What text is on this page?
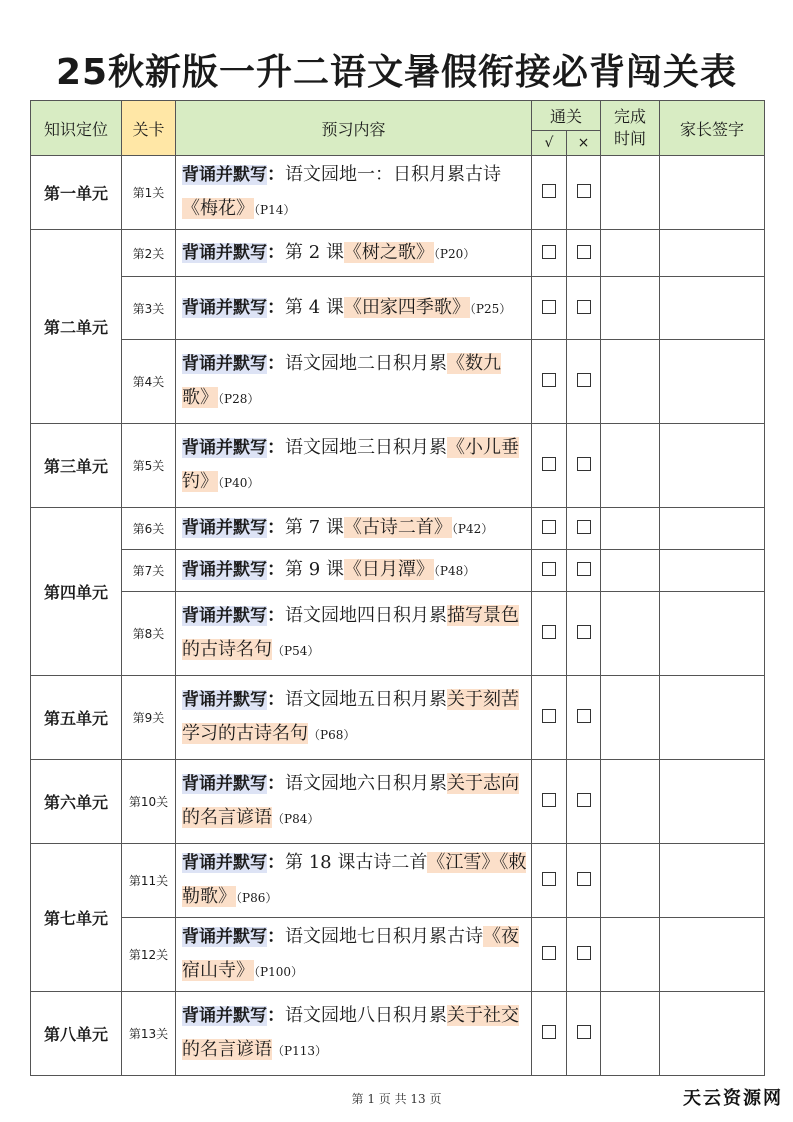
25秋新版一升二语文暑假衔接必背闯关表
知识定位	关卡	预习内容	通关		完成时间	家长签字
			√	×		
第一单元	第1关	背诵并默写：语文园地一：日积月累古诗《梅花》（P14）				
第二单元	第2关	背诵并默写：第 2 课《树之歌》（P20）				
	第3关	背诵并默写：第 4 课《田家四季歌》（P25）				
	第4关	背诵并默写：语文园地二日积月累《数九歌》（P28）				
第三单元	第5关	背诵并默写：语文园地三日积月累《小儿垂钓》（P40）				
第四单元	第6关	背诵并默写：第 7 课《古诗二首》（P42）				
	第7关	背诵并默写：第 9 课《日月潭》（P48）				
	第8关	背诵并默写：语文园地四日积月累描写景色的古诗名句（P54）				
第五单元	第9关	背诵并默写：语文园地五日积月累关于刻苦学习的古诗名句（P68）				
第六单元	第10关	背诵并默写：语文园地六日积月累关于志向的名言谚语（P84）				
第七单元	第11关	背诵并默写：第 18 课古诗二首《江雪》《敕勒歌》（P86）				
	第12关	背诵并默写：语文园地七日积月累古诗《夜宿山寺》（P100）				
第八单元	第13关	背诵并默写：语文园地八日积月累关于社交的名言谚语（P113）				
第 1 页 共 13 页	天云资源网
